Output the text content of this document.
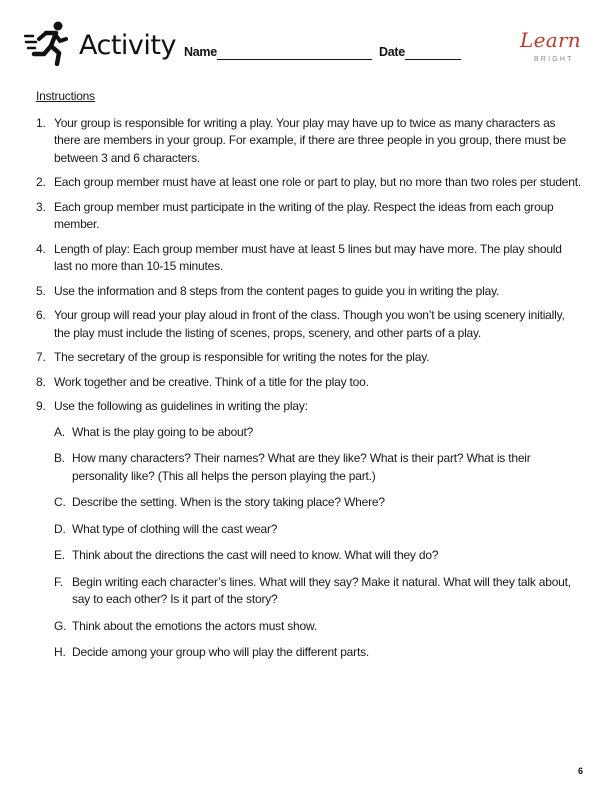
Activity Name	Date	Learn
BRIGHT
Instructions
1. Your group is responsible for writing a play. Your play may have up to twice as many characters as there are members in your group. For example, if there are three people in you group, there must be between 3 and 6 characters.
2. Each group member must have at least one role or part to play, but no more than two roles per student.
3. Each group member must participate in the writing of the play. Respect the ideas from each group member.
4. Length of play: Each group member must have at least 5 lines but may have more. The play should last no more than 10-15 minutes.
5. Use the information and 8 steps from the content pages to guide you in writing the play.
6. Your group will read your play aloud in front of the class. Though you won’t be using scenery initially, the play must include the listing of scenes, props, scenery, and other parts of a play.
7. The secretary of the group is responsible for writing the notes for the play.
8. Work together and be creative. Think of a title for the play too.
9. Use the following as guidelines in writing the play:
A. What is the play going to be about?
B. How many characters? Their names? What are they like? What is their part? What is their personality like? (This all helps the person playing the part.)
C. Describe the setting. When is the story taking place? Where?
D. What type of clothing will the cast wear?
E. Think about the directions the cast will need to know. What will they do?
F. Begin writing each character’s lines. What will they say? Make it natural. What will they talk about, say to each other? Is it part of the story?
G. Think about the emotions the actors must show.
H. Decide among your group who will play the different parts.
6
